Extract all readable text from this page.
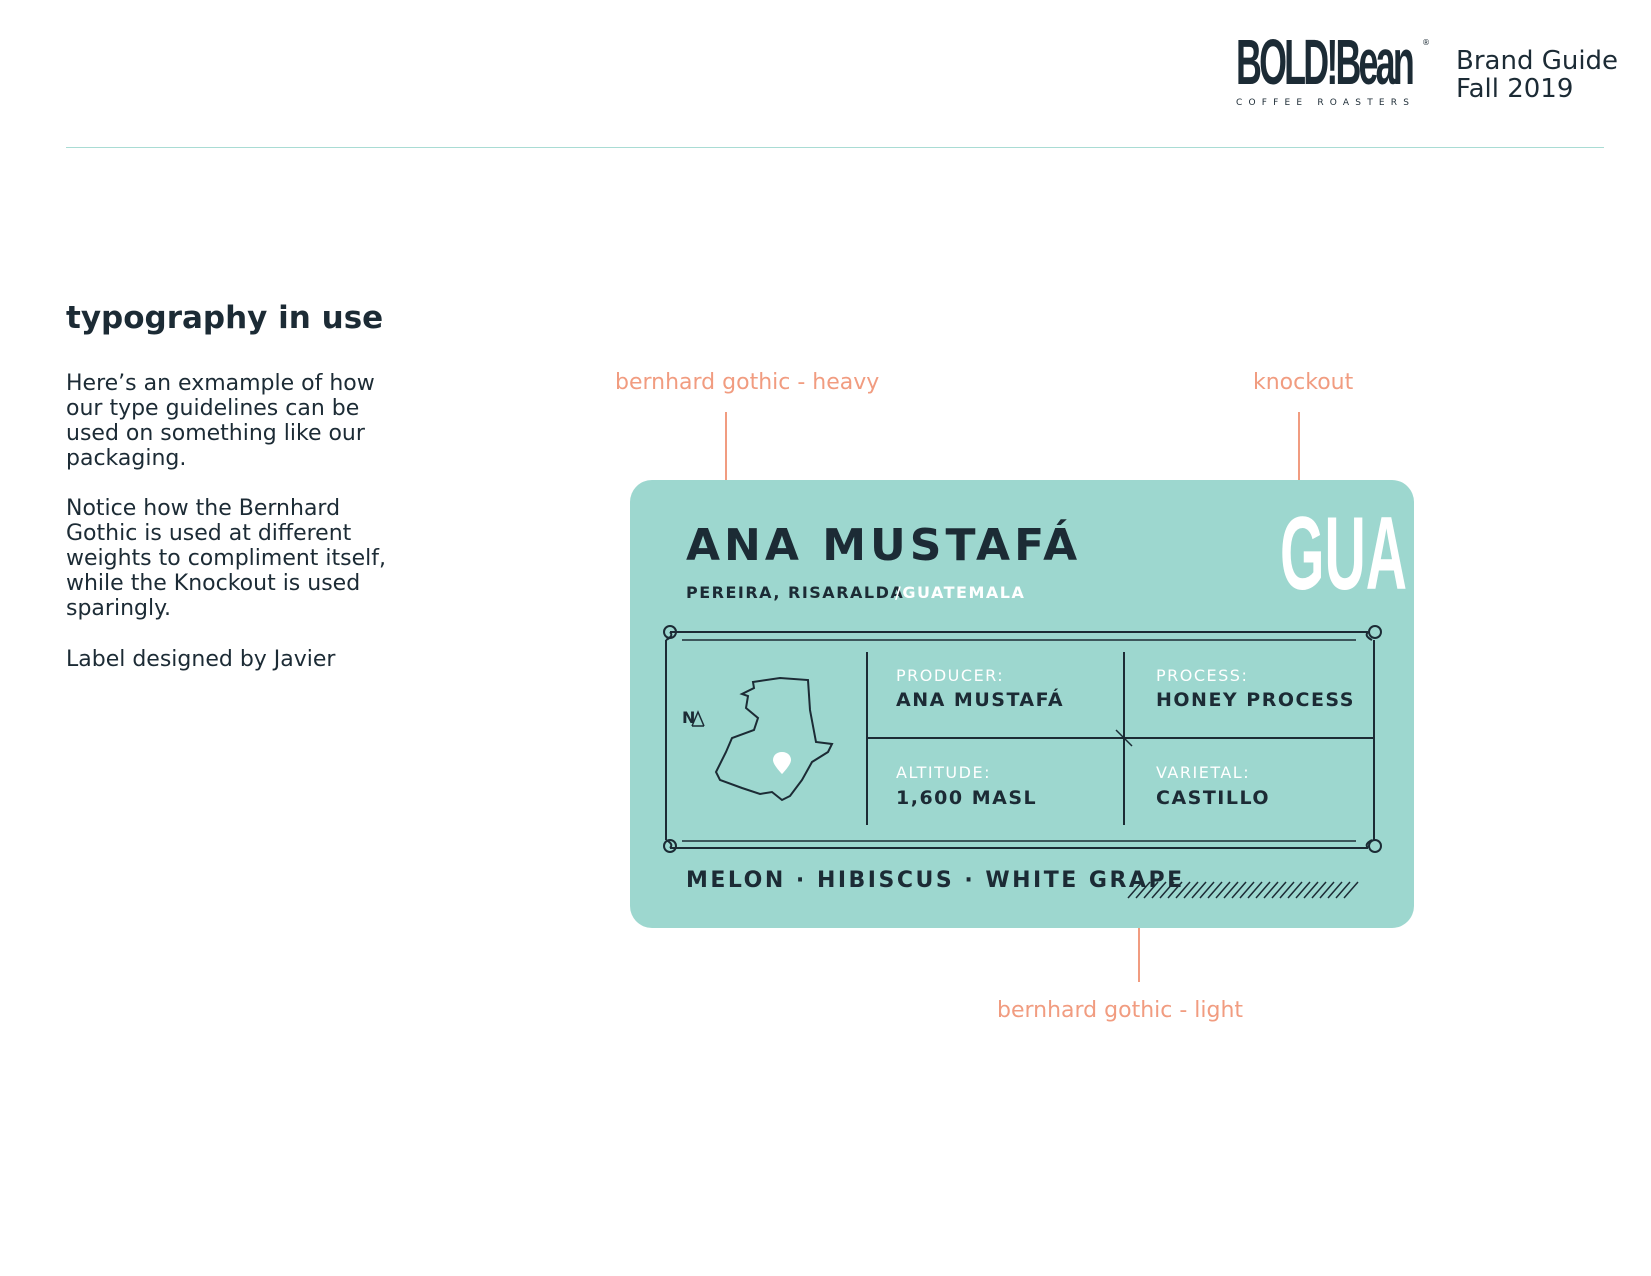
BOLD!Bean ®
COFFEE ROASTERS
Brand Guide
Fall 2019
typography in use
Here’s an exmample of how our type guidelines can be used on something like our packaging.
Notice how the Bernhard Gothic is used at different weights to compliment itself, while the Knockout is used sparingly.
Label designed by Javier
bernhard gothic - heavy	knockout
bernhard gothic - light
ANA MUSTAFÁ
PEREIRA, RISARALDA
/GUATEMALA GUA
N
PRODUCER:
ANA MUSTAFÁ
PROCESS:
HONEY PROCESS
ALTITUDE:
1,600 MASL
VARIETAL:
CASTILLO
MELON · HIBISCUS · WHITE GRAPE
